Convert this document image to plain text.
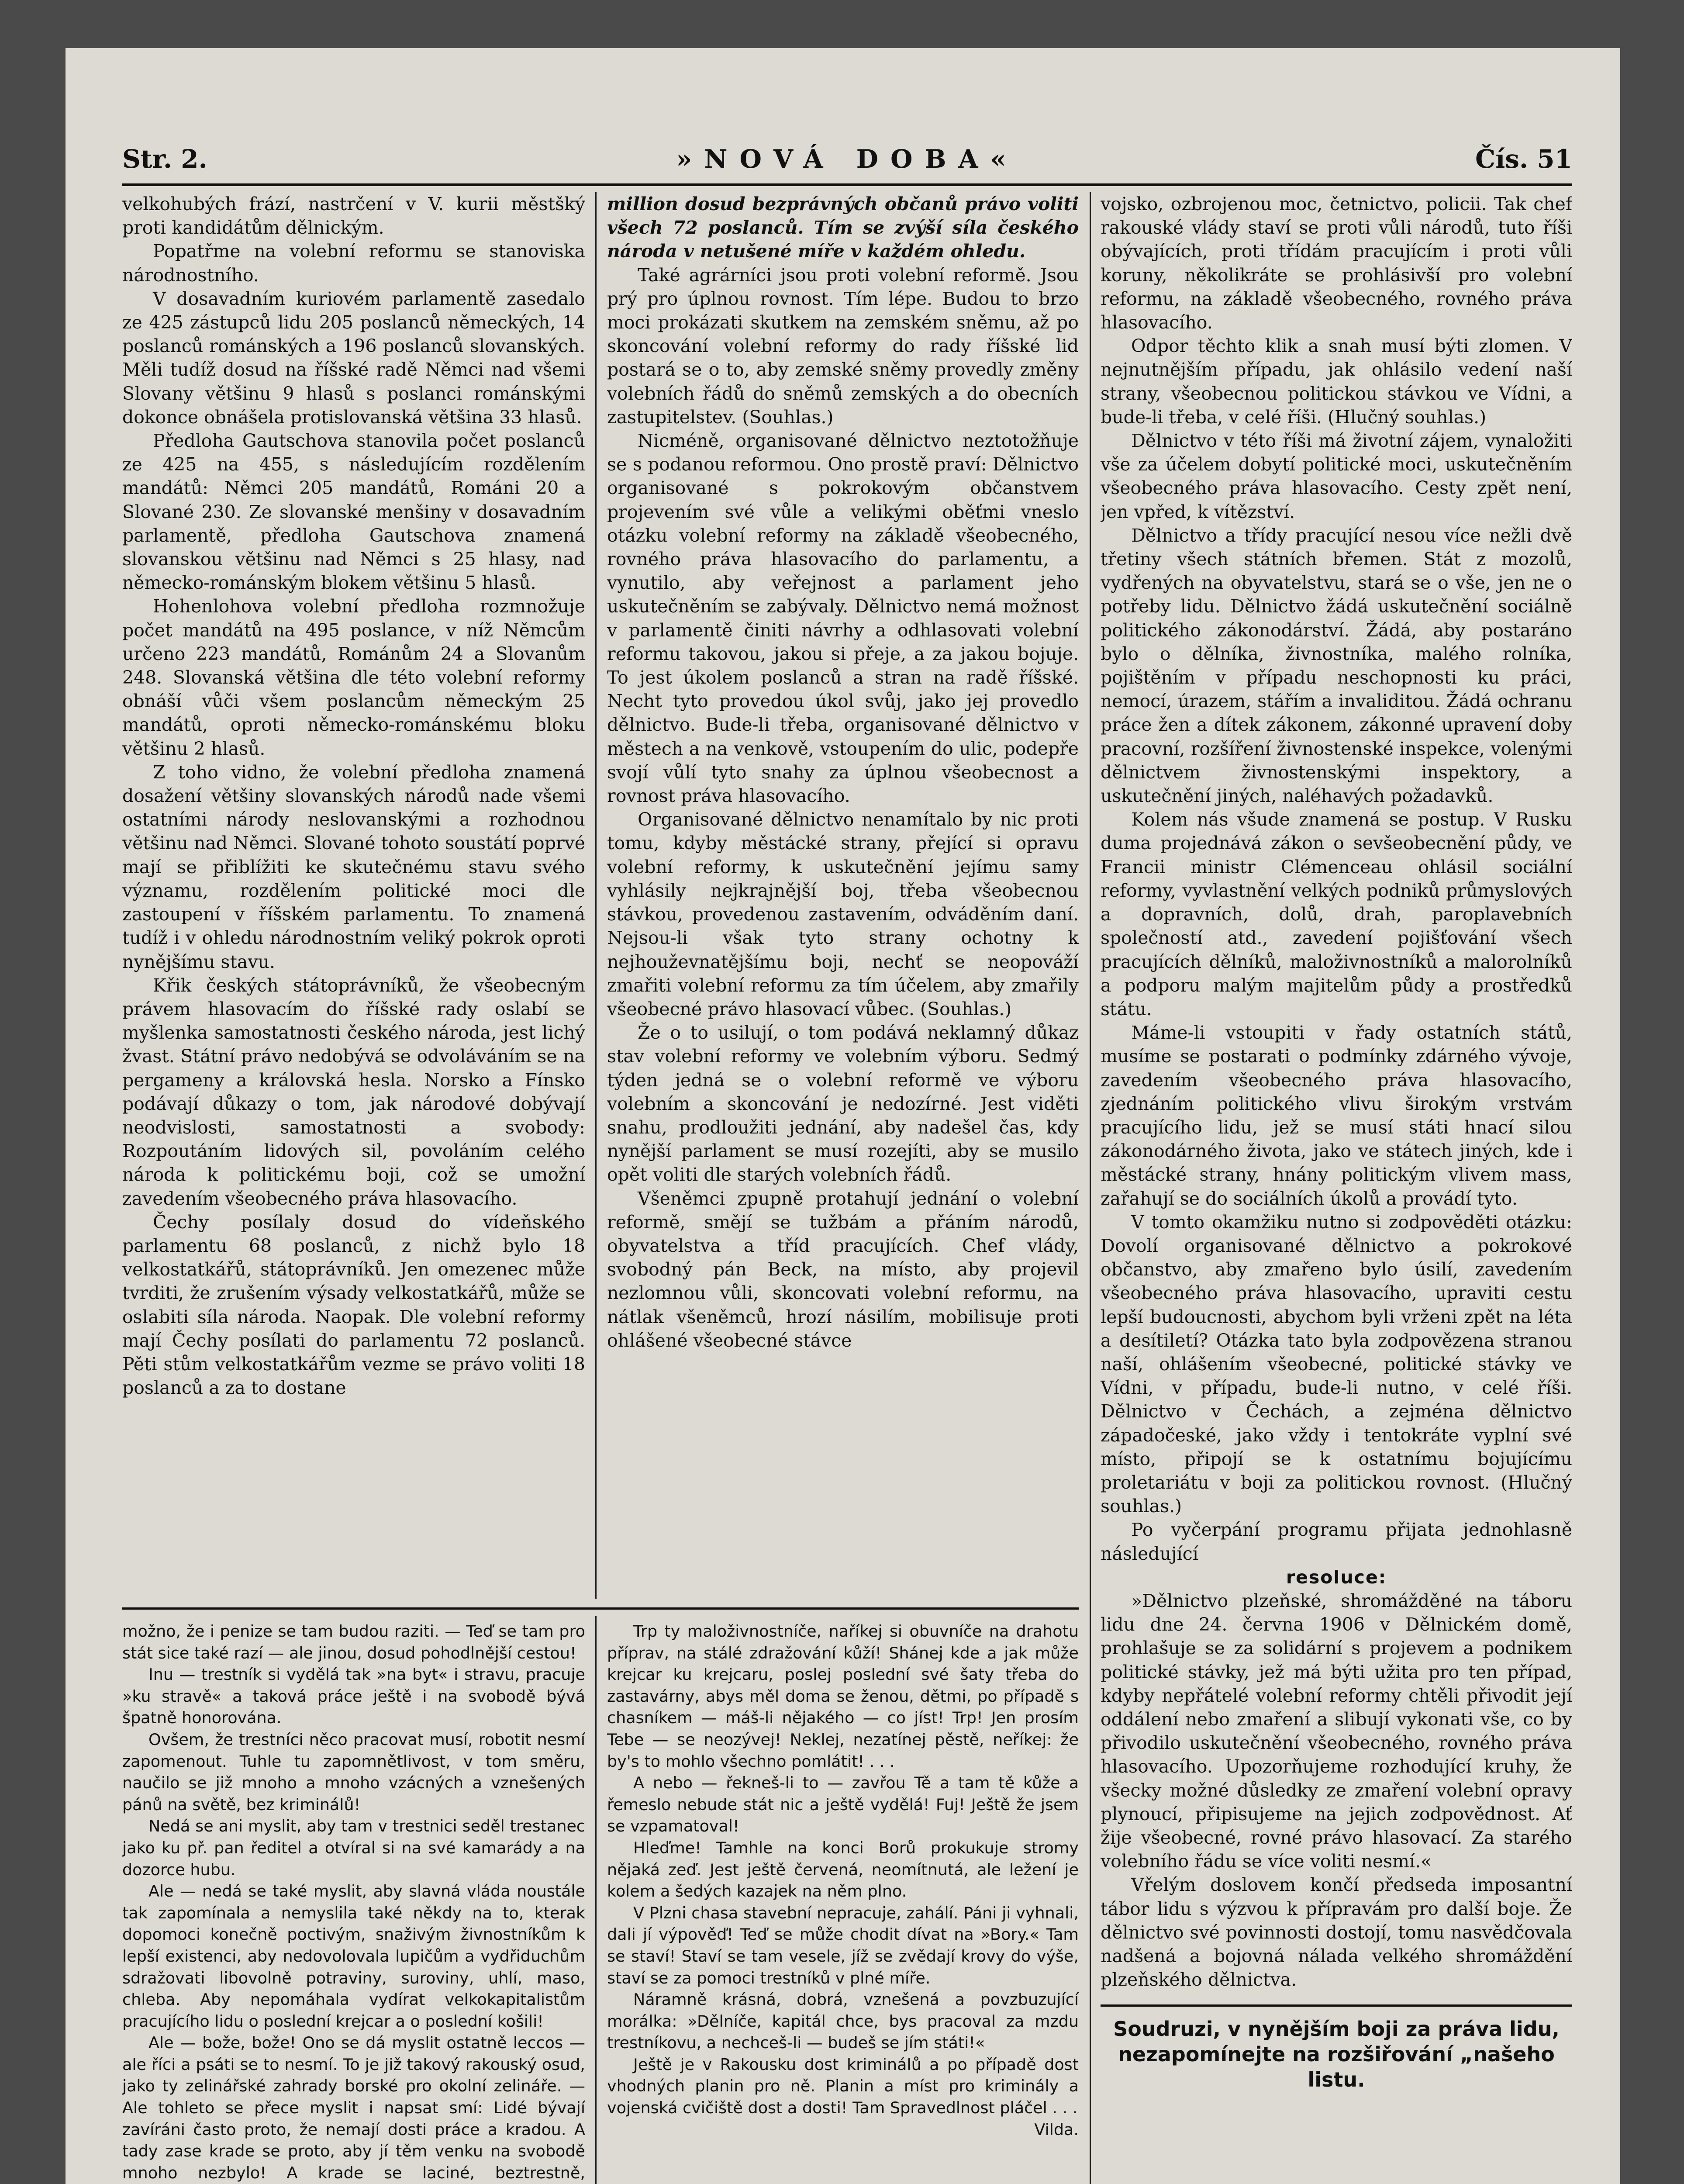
Str. 2.	»NOVÁ DOBA«	Čís. 51

velkohubých frází, nastrčení v V. kurii městšký proti kandidátům dělnickým.

Popatřme na volební reformu se stanoviska národnostního.

V dosavadním kuriovém parlamentě zasedalo ze 425 zástupců lidu 205 poslanců německých, 14 poslanců románských a 196 poslanců slovanských. Měli tudíž dosud na říšské radě Němci nad všemi Slovany většinu 9 hlasů s poslanci románskými dokonce obnášela protislovanská většina 33 hlasů.

Předloha Gautschova stanovila počet poslanců ze 425 na 455, s následujícím rozdělením mandátů: Němci 205 mandátů, Románi 20 a Slované 230. Ze slovanské menšiny v dosavadním parlamentě, předloha Gautschova znamená slovanskou většinu nad Němci s 25 hlasy, nad německo-románským blokem většinu 5 hlasů.

Hohenlohova volební předloha rozmnožuje počet mandátů na 495 poslance, v níž Němcům určeno 223 mandátů, Románům 24 a Slovanům 248. Slovanská většina dle této volební reformy obnáší vůči všem poslancům německým 25 mandátů, oproti německo-románskému bloku většinu 2 hlasů.

Z toho vidno, že volební předloha znamená dosažení většiny slovanských národů nade všemi ostatními národy neslovanskými a rozhodnou většinu nad Němci. Slované tohoto soustátí poprvé mají se přiblížiti ke skutečnému stavu svého významu, rozdělením politické moci dle zastoupení v říšském parlamentu. To znamená tudíž i v ohledu národnostním veliký pokrok oproti nynějšímu stavu.

Křik českých státoprávníků, že všeobecným právem hlasovacím do říšské rady oslabí se myšlenka samostatnosti českého národa, jest lichý žvast. Státní právo nedobývá se odvoláváním se na pergameny a královská hesla. Norsko a Fínsko podávají důkazy o tom, jak národové dobývají neodvislosti, samostatnosti a svobody: Rozpoutáním lidových sil, povoláním celého národa k politickému boji, což se umožní zavedením všeobecného práva hlasovacího.

Čechy posílaly dosud do vídeňského parlamentu 68 poslanců, z nichž bylo 18 velkostatkářů, státoprávníků. Jen omezenec může tvrditi, že zrušením výsady velkostatkářů, může se oslabiti síla národa. Naopak. Dle volební reformy mají Čechy posílati do parlamentu 72 poslanců. Pěti stům velkostatkářům vezme se právo voliti 18 poslanců a za to dostane

million dosud bezprávných občanů právo voliti všech 72 poslanců. Tím se zvýší síla českého národa v netušené míře v každém ohledu.

Také agrárníci jsou proti volební reformě. Jsou prý pro úplnou rovnost. Tím lépe. Budou to brzo moci prokázati skutkem na zemském sněmu, až po skoncování volební reformy do rady říšské lid postará se o to, aby zemské sněmy provedly změny volebních řádů do sněmů zemských a do obecních zastupitelstev. (Souhlas.)

Nicméně, organisované dělnictvo neztotožňuje se s podanou reformou. Ono prostě praví: Dělnictvo organisované s pokrokovým občanstvem projevením své vůle a velikými oběťmi vneslo otázku volební reformy na základě všeobecného, rovného práva hlasovacího do parlamentu, a vynutilo, aby veřejnost a parlament jeho uskutečněním se zabývaly. Dělnictvo nemá možnost v parlamentě činiti návrhy a odhlasovati volební reformu takovou, jakou si přeje, a za jakou bojuje. To jest úkolem poslanců a stran na radě říšské. Necht tyto provedou úkol svůj, jako jej provedlo dělnictvo. Bude-li třeba, organisované dělnictvo v městech a na venkově, vstoupením do ulic, podepře svojí vůlí tyto snahy za úplnou všeobecnost a rovnost práva hlasovacího.

Organisované dělnictvo nenamítalo by nic proti tomu, kdyby městácké strany, přející si opravu volební reformy, k uskutečnění jejímu samy vyhlásily nejkrajnější boj, třeba všeobecnou stávkou, provedenou zastavením, odváděním daní. Nejsou-li však tyto strany ochotny k nejhouževnatějšímu boji, nechť se neopováží zmařiti volební reformu za tím účelem, aby zmařily všeobecné právo hlasovací vůbec. (Souhlas.)

Že o to usilují, o tom podává neklamný důkaz stav volební reformy ve volebním výboru. Sedmý týden jedná se o volební reformě ve výboru volebním a skoncování je nedozírné. Jest viděti snahu, prodloužiti jednání, aby nadešel čas, kdy nynější parlament se musí rozejíti, aby se musilo opět voliti dle starých volebních řádů.

Všeněmci zpupně protahují jednání o volební reformě, smějí se tužbám a přáním národů, obyvatelstva a tříd pracujících. Chef vlády, svobodný pán Beck, na místo, aby projevil nezlomnou vůli, skoncovati volební reformu, na nátlak všeněmců, hrozí násilím, mobilisuje proti ohlášené všeobecné stávce

vojsko, ozbrojenou moc, četnictvo, policii. Tak chef rakouské vlády staví se proti vůli národů, tuto říši obývajících, proti třídám pracujícím i proti vůli koruny, několikráte se prohlásivší pro volební reformu, na základě všeobecného, rovného práva hlasovacího.

Odpor těchto klik a snah musí býti zlomen. V nejnutnějším případu, jak ohlásilo vedení naší strany, všeobecnou politickou stávkou ve Vídni, a bude-li třeba, v celé říši. (Hlučný souhlas.)

Dělnictvo v této říši má životní zájem, vynaložiti vše za účelem dobytí politické moci, uskutečněním všeobecného práva hlasovacího. Cesty zpět není, jen vpřed, k vítězství.

Dělnictvo a třídy pracující nesou více nežli dvě třetiny všech státních břemen. Stát z mozolů, vydřených na obyvatelstvu, stará se o vše, jen ne o potřeby lidu. Dělnictvo žádá uskutečnění sociálně politického zákonodárství. Žádá, aby postaráno bylo o dělníka, živnostníka, malého rolníka, pojištěním v případu neschopnosti ku práci, nemocí, úrazem, stářím a invaliditou. Žádá ochranu práce žen a dítek zákonem, zákonné upravení doby pracovní, rozšíření živnostenské inspekce, volenými dělnictvem živnostenskými inspektory, a uskutečnění jiných, naléhavých požadavků.

Kolem nás všude znamená se postup. V Rusku duma projednává zákon o sevšeobecnění půdy, ve Francii ministr Clémenceau ohlásil sociální reformy, vyvlastnění velkých podniků průmyslových a dopravních, dolů, drah, paroplavebních společností atd., zavedení pojišťování všech pracujících dělníků, maloživnostníků a malorolníků a podporu malým majitelům půdy a prostředků státu.

Máme-li vstoupiti v řady ostatních států, musíme se postarati o podmínky zdárného vývoje, zavedením všeobecného práva hlasovacího, zjednáním politického vlivu širokým vrstvám pracujícího lidu, jež se musí státi hnací silou zákonodárného života, jako ve státech jiných, kde i městácké strany, hnány politickým vlivem mass, zařahují se do sociálních úkolů a provádí tyto.

V tomto okamžiku nutno si zodpověděti otázku: Dovolí organisované dělnictvo a pokrokové občanstvo, aby zmařeno bylo úsilí, zavedením všeobecného práva hlasovacího, upraviti cestu lepší budoucnosti, abychom byli vrženi zpět na léta a desítiletí? Otázka tato byla zodpovězena stranou naší, ohlášením všeobecné, politické stávky ve Vídni, v případu, bude-li nutno, v celé říši. Dělnictvo v Čechách, a zejména dělnictvo západočeské, jako vždy i tentokráte vyplní své místo, připojí se k ostatnímu bojujícímu proletariátu v boji za politickou rovnost. (Hlučný souhlas.)

Po vyčerpání programu přijata jednohlasně následující

resoluce:

»Dělnictvo plzeňské, shromážděné na táboru lidu dne 24. června 1906 v Dělnickém domě, prohlašuje se za solidární s projevem a podnikem politické stávky, jež má býti užita pro ten případ, kdyby nepřátelé volební reformy chtěli přivodit její oddálení nebo zmaření a slibují vykonati vše, co by přivodilo uskutečnění všeobecného, rovného práva hlasovacího. Upozorňujeme rozhodující kruhy, že všecky možné důsledky ze zmaření volební opravy plynoucí, připisujeme na jejich zodpovědnost. Ať žije všeobecné, rovné právo hlasovací. Za starého volebního řádu se více voliti nesmí.«

Vřelým doslovem končí předseda imposantní tábor lidu s výzvou k přípravám pro další boje. Že dělnictvo své povinnosti dostojí, tomu nasvědčovala nadšená a bojovná nálada velkého shromáždění plzeňského dělnictva.

Soudruzi, v nynějším boji za práva lidu, nezapomínejte na rozšiřování „našeho listu.

možno, že i penize se tam budou raziti. — Teď se tam pro stát sice také razí — ale jinou, dosud pohodlnější cestou!

Inu — trestník si vydělá tak »na byt« i stravu, pracuje »ku stravě« a taková práce ještě i na svobodě bývá špatně honorována.

Ovšem, že trestníci něco pracovat musí, robotit nesmí zapomenout. Tuhle tu zapomnětlivost, v tom směru, naučilo se již mnoho a mnoho vzácných a vznešených pánů na světě, bez kriminálů!

Nedá se ani myslit, aby tam v trestnici seděl trestanec jako ku př. pan ředitel a otvíral si na své kamarády a na dozorce hubu.

Ale — nedá se také myslit, aby slavná vláda noustále tak zapomínala a nemyslila také někdy na to, kterak dopomoci konečně poctivým, snaživým živnostníkům k lepší existenci, aby nedovolovala lupičům a vydřiduchům sdražovati libovolně potraviny, suroviny, uhlí, maso, chleba. Aby nepomáhala vydírat velkokapitalistům pracujícího lidu o poslední krejcar a o poslední košili!

Ale — bože, bože! Ono se dá myslit ostatně leccos — ale říci a psáti se to nesmí. To je již takový rakouský osud, jako ty zelinářské zahrady borské pro okolní zelináře. — Ale tohleto se přece myslit i napsat smí: Lidé bývají zavíráni často proto, že nemají dosti práce a kradou. A tady zase krade se proto, aby jí těm venku na svobodě mnoho nezbylo! A krade se laciné, beztrestně,

Trp ty maloživnostníče, naříkej si obuvníče na drahotu příprav, na stálé zdražování kůží! Shánej kde a jak může krejcar ku krejcaru, poslej poslední své šaty třeba do zastavárny, abys měl doma se ženou, dětmi, po případě s chasníkem — máš-li nějakého — co jíst! Trp! Jen prosím Tebe — se neozývej! Neklej, nezatínej pěstě, neříkej: že by's to mohlo všechno pomlátit! . . .

A nebo — řekneš-li to — zavřou Tě a tam tě kůže a řemeslo nebude stát nic a ještě vydělá! Fuj! Ještě že jsem se vzpamatoval!

Hleďme! Tamhle na konci Borů prokukuje stromy nějaká zeď. Jest ještě červená, neomítnutá, ale ležení je kolem a šedých kazajek na něm plno.

V Plzni chasa stavební nepracuje, zahálí. Páni ji vyhnali, dali jí výpověď! Teď se může chodit dívat na »Bory.« Tam se staví! Staví se tam vesele, jíž se zvědají krovy do výše, staví se za pomoci trestníků v plné míře.

Náramně krásná, dobrá, vznešená a povzbuzující morálka: »Dělníče, kapitál chce, bys pracoval za mzdu trestníkovu, a nechceš-li — budeš se jím státi!«

Ještě je v Rakousku dost kriminálů a po případě dost vhodných planin pro ně. Planin a míst pro kriminály a vojenská cvičiště dost a dosti! Tam Spravedlnost pláčel . . .

Vilda.
